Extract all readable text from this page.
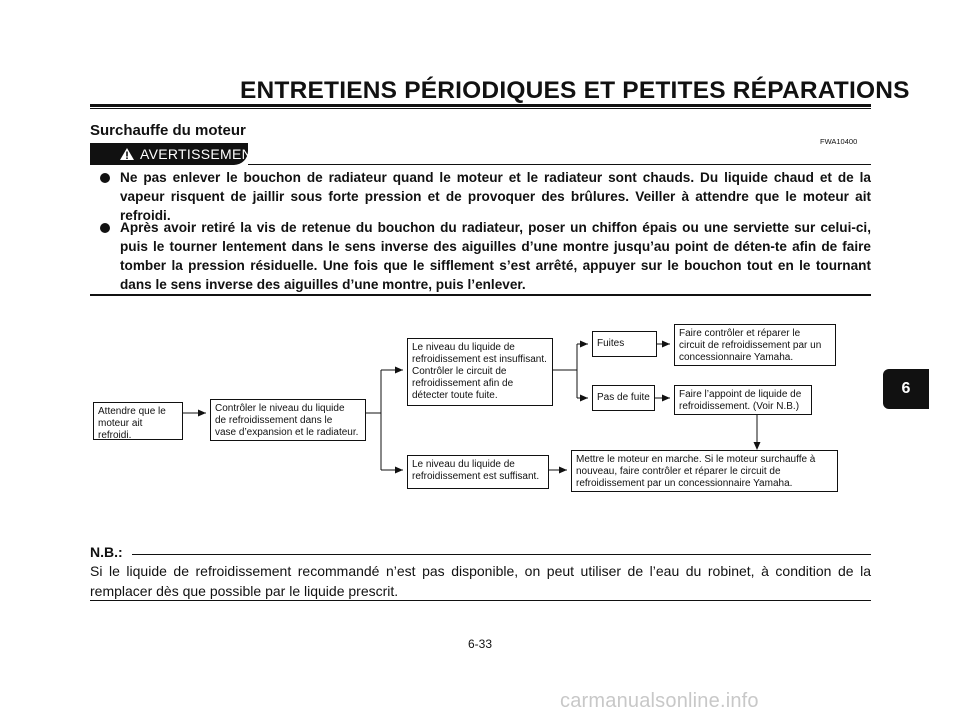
ENTRETIENS PÉRIODIQUES ET PETITES RÉPARATIONS
Surchauffe du moteur
FWA10400
AVERTISSEMENT
Ne pas enlever le bouchon de radiateur quand le moteur et le radiateur sont chauds. Du liquide chaud et de la vapeur risquent de jaillir sous forte pression et de provoquer des brûlures. Veiller à attendre que le moteur ait refroidi.
Après avoir retiré la vis de retenue du bouchon du radiateur, poser un chiffon épais ou une serviette sur celui-ci, puis le tourner lentement dans le sens inverse des aiguilles d’une montre jusqu’au point de déten-te afin de faire tomber la pression résiduelle. Une fois que le sifflement s’est arrêté, appuyer sur le bouchon tout en le tournant dans le sens inverse des aiguilles d’une montre, puis l’enlever.
Attendre que le
moteur ait refroidi.
Contrôler le niveau du liquide
de refroidissement dans le
vase d’expansion et le radiateur.
Le niveau du liquide de
refroidissement est insuffisant.
Contrôler le circuit de
refroidissement afin de
détecter toute fuite.
Le niveau du liquide de
refroidissement est suffisant.
Fuites
Pas de fuite
Faire contrôler et réparer le
circuit de refroidissement par un
concessionnaire Yamaha.
Faire l’appoint de liquide de
refroidissement. (Voir N.B.)
Mettre le moteur en marche. Si le moteur surchauffe à
nouveau, faire contrôler et réparer le circuit de
refroidissement par un concessionnaire Yamaha.
N.B.:
Si le liquide de refroidissement recommandé n’est pas disponible, on peut utiliser de l’eau du robinet, à condition de la remplacer dès que possible par le liquide prescrit.
6-33
6
carmanualsonline.info
